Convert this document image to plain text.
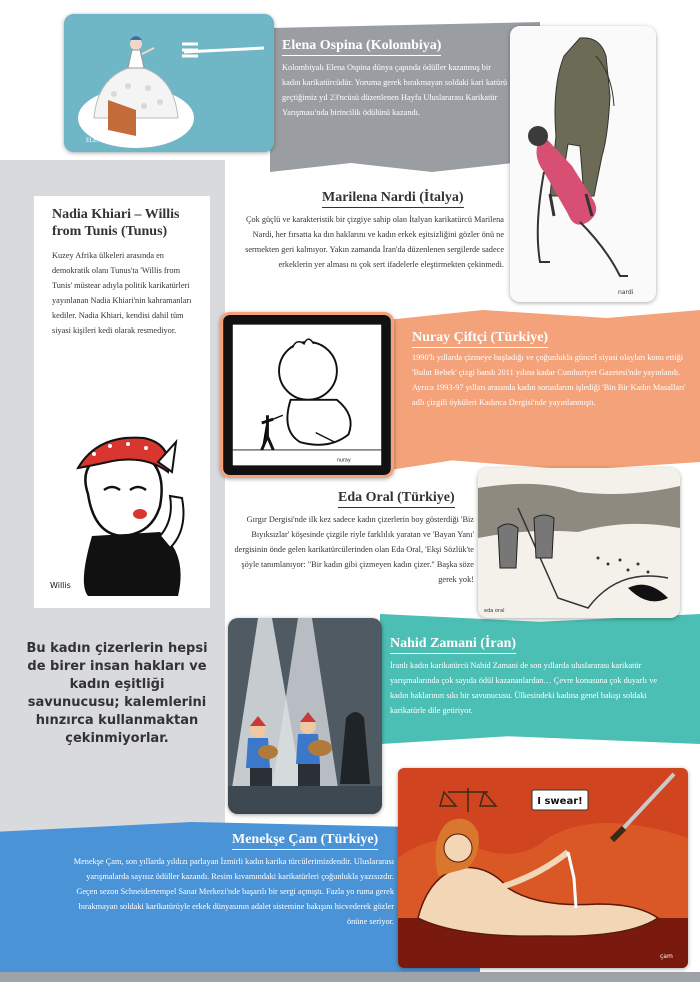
ELENA
Elena Ospina (Kolombiya)
Kolombiyalı Elena Ospina dünya çapında ödüller kazanmış bir kadın karikatürcüdür. Yoruma gerek bırakmayan soldaki kari katürü geçtiğimiz yıl 23'ncüsü düzenlenen Hayfa Uluslararası Karikatür Yarışması'nda birincilik ödülünü kazandı.
nardi
Marilena Nardi (İtalya)
Çok güçlü ve karakteristik bir çizgiye sahip olan İtalyan karikatürcü Marilena Nardi, her fırsatta ka dın haklarını ve kadın erkek eşitsizliğini gözler önü ne sermekten geri kalmıyor. Yakın zamanda İran'da düzenlenen sergilerde sadece erkeklerin yer alması nı çok sert ifadelerle eleştirmekten çekinmedi.
Nadia Khiari – Willis from Tunis (Tunus)
Kuzey Afrika ülkeleri arasında en demokratik olanı Tunus'ta 'Willis from Tunis' müstear adıyla politik karikatürleri yayınlanan Nadia Khiari'nin kahramanları kediler. Nadia Khiari, kendisi dahil tüm siyasi kişileri kedi olarak resmediyor.
Willis
nuray
Nuray Çiftçi (Türkiye)
1990'lı yıllarda çizmeye başladığı ve çoğunlukla güncel siyasi olayları konu ettiği 'Bulut Bebek' çizgi bandı 2011 yılına kadar Cumhuriyet Gazetesi'nde yayınlandı. Ayrıca 1993-97 yılları arasında kadın sorunlarını işlediği 'Bin Bir Kadın Masalları' adlı çizgili öyküleri Kadınca Dergisi'nde yayınlanmıştı.
eda oral
Eda Oral (Türkiye)
Gırgır Dergisi'nde ilk kez sadece kadın çizerlerin boy gösterdiği 'Biz Bıyıksızlar' köşesinde çizgile riyle farklılık yaratan ve 'Bayan Yanı' dergisinin önde gelen karikatürcülerinden olan Eda Oral, 'Ekşi Sözlük'te şöyle tanımlanıyor: "Bir kadın gibi çizmeyen kadın çizer." Başka söze gerek yok!
Bu kadın çizerlerin hepsi de birer insan hakları ve kadın eşitliği savunucusu; kalemlerini hınzırca kullanmaktan çekinmiyorlar.
Nahid Zamani (İran)
İranlı kadın karikatürcü Nahid Zamani de son yıllarda uluslararası karikatür yarışmalarında çok sayıda ödül kazananlardan… Çevre konusuna çok duyarlı ve kadın haklarının sıkı bir savunucusu. Ülkesindeki kadına genel bakışı soldaki karikatürle dile getiriyor.
I swear!
çam
Menekşe Çam (Türkiye)
Menekşe Çam, son yıllarda yıldızı parlayan İzmirli kadın karika türcülerimizdendir. Uluslararası yarışmalarda sayısız ödüller kazandı. Resim kıvamındaki karikatürleri çoğunlukla yazısızdır. Geçen sezon Schneidertempel Sanat Merkezi'nde başarılı bir sergi açmıştı. Fazla yo ruma gerek bırakmayan soldaki karikatürüyle erkek dünyasının adalet sistemine bakışını hicvederek gözler önüne seriyor.
